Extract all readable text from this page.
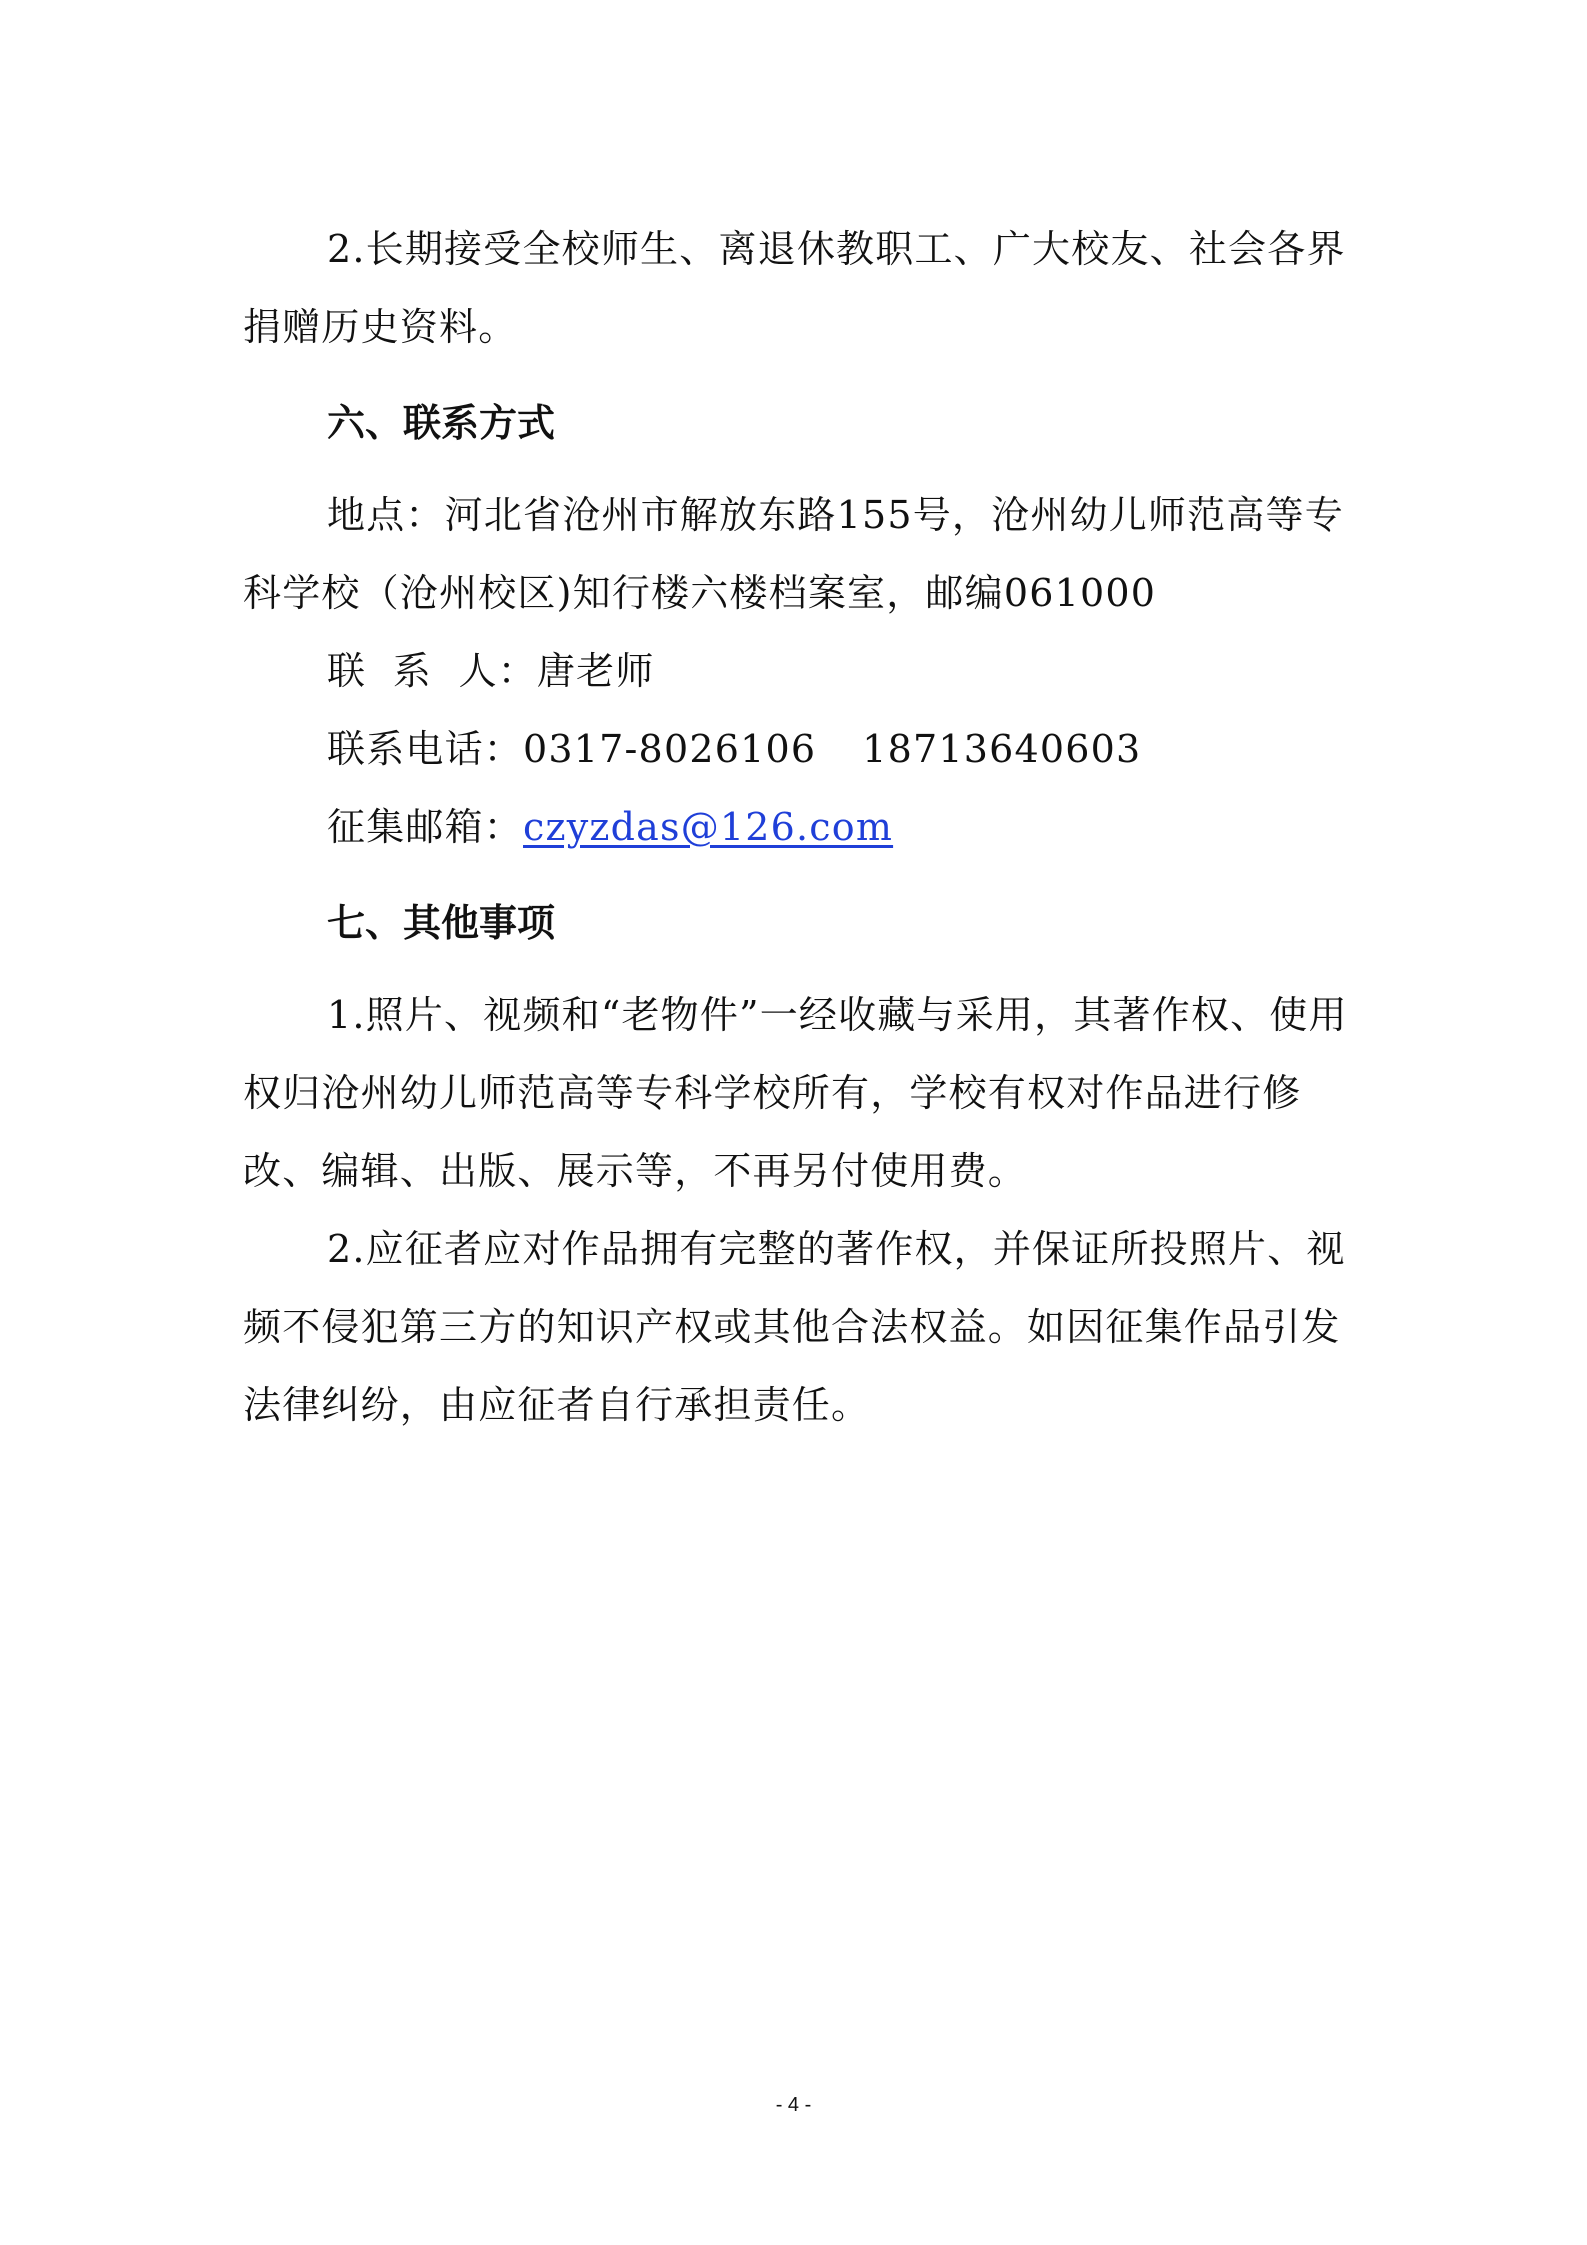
2.长期接受全校师生、离退休教职工、广大校友、社会各界捐赠历史资料。

六、联系方式

地点：河北省沧州市解放东路155号，沧州幼儿师范高等专科学校（沧州校区)知行楼六楼档案室，邮编061000

联  系  人：唐老师
联系电话：0317-8026106 18713640603
征集邮箱：czyzdas@126.com
七、其他事项

1.照片、视频和“老物件”一经收藏与采用，其著作权、使用权归沧州幼儿师范高等专科学校所有，学校有权对作品进行修改、编辑、出版、展示等，不再另付使用费。

2.应征者应对作品拥有完整的著作权，并保证所投照片、视频不侵犯第三方的知识产权或其他合法权益。如因征集作品引发法律纠纷，由应征者自行承担责任。

- 4 -
